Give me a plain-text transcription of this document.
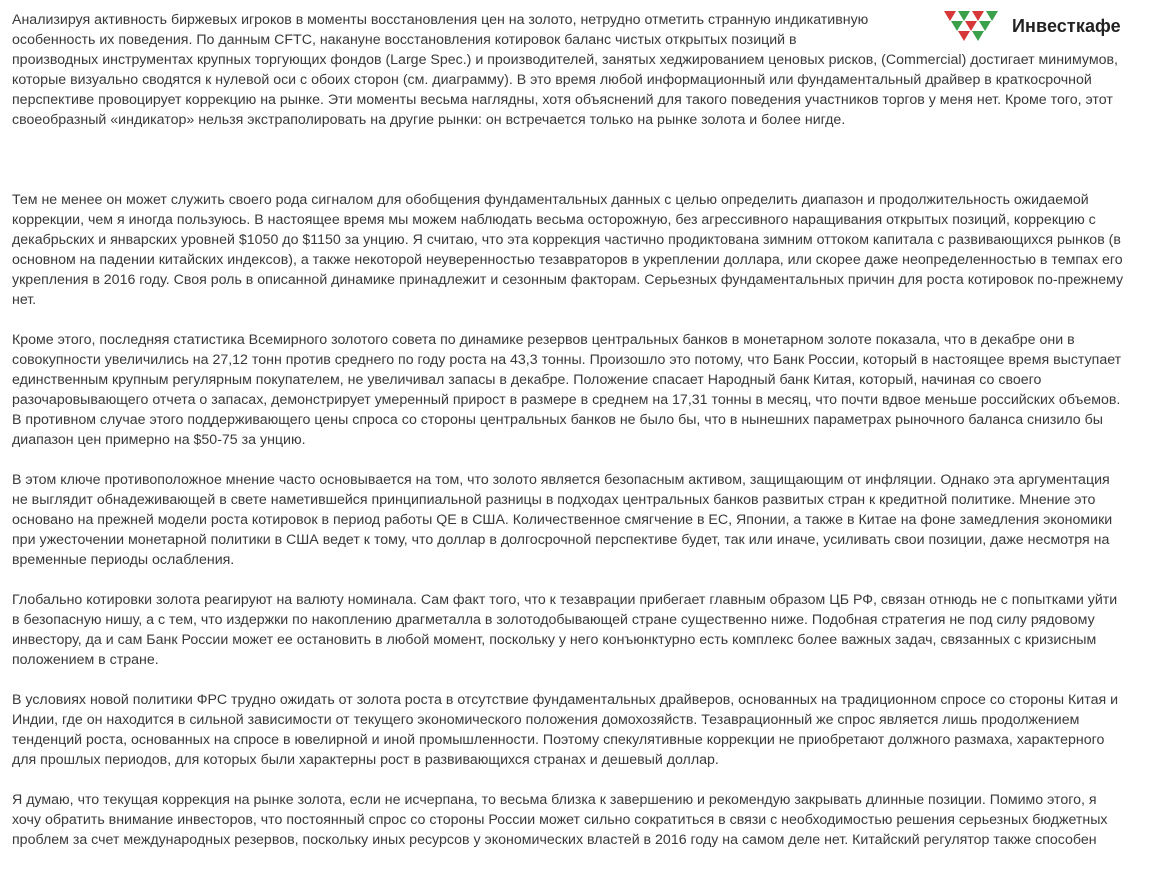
Инвесткафе

Анализируя активность биржевых игроков в моменты восстановления цен на золото, нетрудно отметить странную индикативную особенность их поведения. По данным CFTC, накануне восстановления котировок баланс чистых открытых позиций в производных инструментах крупных торгующих фондов (Large Spec.) и производителей, занятых хеджированием ценовых рисков, (Commercial) достигает минимумов, которые визуально сводятся к нулевой оси с обоих сторон (см. диаграмму). В это время любой информационный или фундаментальный драйвер в краткосрочной перспективе провоцирует коррекцию на рынке. Эти моменты весьма наглядны, хотя объяснений для такого поведения участников торгов у меня нет. Кроме того, этот своеобразный «индикатор» нельзя экстраполировать на другие рынки: он встречается только на рынке золота и более нигде.

Тем не менее он может служить своего рода сигналом для обобщения фундаментальных данных с целью определить диапазон и продолжительность ожидаемой коррекции, чем я иногда пользуюсь. В настоящее время мы можем наблюдать весьма осторожную, без агрессивного наращивания открытых позиций, коррекцию с декабрьских и январских уровней $1050 до $1150 за унцию. Я считаю, что эта коррекция частично продиктована зимним оттоком капитала с развивающихся рынков (в основном на падении китайских индексов), а также некоторой неуверенностью тезавраторов в укреплении доллара, или скорее даже неопределенностью в темпах его укрепления в 2016 году. Своя роль в описанной динамике принадлежит и сезонным факторам. Серьезных фундаментальных причин для роста котировок по-прежнему нет.

Кроме этого, последняя статистика Всемирного золотого совета по динамике резервов центральных банков в монетарном золоте показала, что в декабре они в совокупности увеличились на 27,12 тонн против среднего по году роста на 43,3 тонны. Произошло это потому, что Банк России, который в настоящее время выступает единственным крупным регулярным покупателем, не увеличивал запасы в декабре. Положение спасает Народный банк Китая, который, начиная со своего разочаровывающего отчета о запасах, демонстрирует умеренный прирост в размере в среднем на 17,31 тонны в месяц, что почти вдвое меньше российских объемов. В противном случае этого поддерживающего цены спроса со стороны центральных банков не было бы, что в нынешних параметрах рыночного баланса снизило бы диапазон цен примерно на $50-75 за унцию.

В этом ключе противоположное мнение часто основывается на том, что золото является безопасным активом, защищающим от инфляции. Однако эта аргументация не выглядит обнадеживающей в свете наметившейся принципиальной разницы в подходах центральных банков развитых стран к кредитной политике. Мнение это основано на прежней модели роста котировок в период работы QE в США. Количественное смягчение в ЕС, Японии, а также в Китае на фоне замедления экономики при ужесточении монетарной политики в США ведет к тому, что доллар в долгосрочной перспективе будет, так или иначе, усиливать свои позиции, даже несмотря на временные периоды ослабления.

Глобально котировки золота реагируют на валюту номинала. Сам факт того, что к тезаврации прибегает главным образом ЦБ РФ, связан отнюдь не с попытками уйти в безопасную нишу, а с тем, что издержки по накоплению драгметалла в золотодобывающей стране существенно ниже. Подобная стратегия не под силу рядовому инвестору, да и сам Банк России может ее остановить в любой момент, поскольку у него конъюнктурно есть комплекс более важных задач, связанных с кризисным положением в стране.

В условиях новой политики ФРС трудно ожидать от золота роста в отсутствие фундаментальных драйверов, основанных на традиционном спросе со стороны Китая и Индии, где он находится в сильной зависимости от текущего экономического положения домохозяйств. Тезаврационный же спрос является лишь продолжением тенденций роста, основанных на спросе в ювелирной и иной промышленности. Поэтому спекулятивные коррекции не приобретают должного размаха, характерного для прошлых периодов, для которых были характерны рост в развивающихся странах и дешевый доллар.

Я думаю, что текущая коррекция на рынке золота, если не исчерпана, то весьма близка к завершению и рекомендую закрывать длинные позиции. Помимо этого, я хочу обратить внимание инвесторов, что постоянный спрос со стороны России может сильно сократиться в связи с необходимостью решения серьезных бюджетных проблем за счет международных резервов, поскольку иных ресурсов у экономических властей в 2016 году на самом деле нет. Китайский регулятор также способен
